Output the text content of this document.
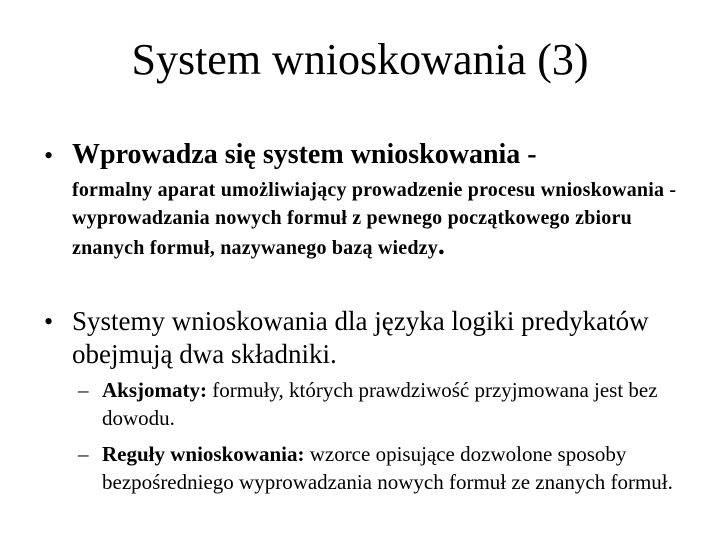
System wnioskowania (3)
• Wprowadza się system wnioskowania -
formalny aparat umożliwiający prowadzenie procesu wnioskowania - wyprowadzania nowych formuł z pewnego początkowego zbioru znanych formuł, nazywanego bazą wiedzy.
• Systemy wnioskowania dla języka logiki predykatów obejmują dwa składniki.
– Aksjomaty: formuły, których prawdziwość przyjmowana jest bez dowodu.
– Reguły wnioskowania: wzorce opisujące dozwolone sposoby bezpośredniego wyprowadzania nowych formuł ze znanych formuł.
